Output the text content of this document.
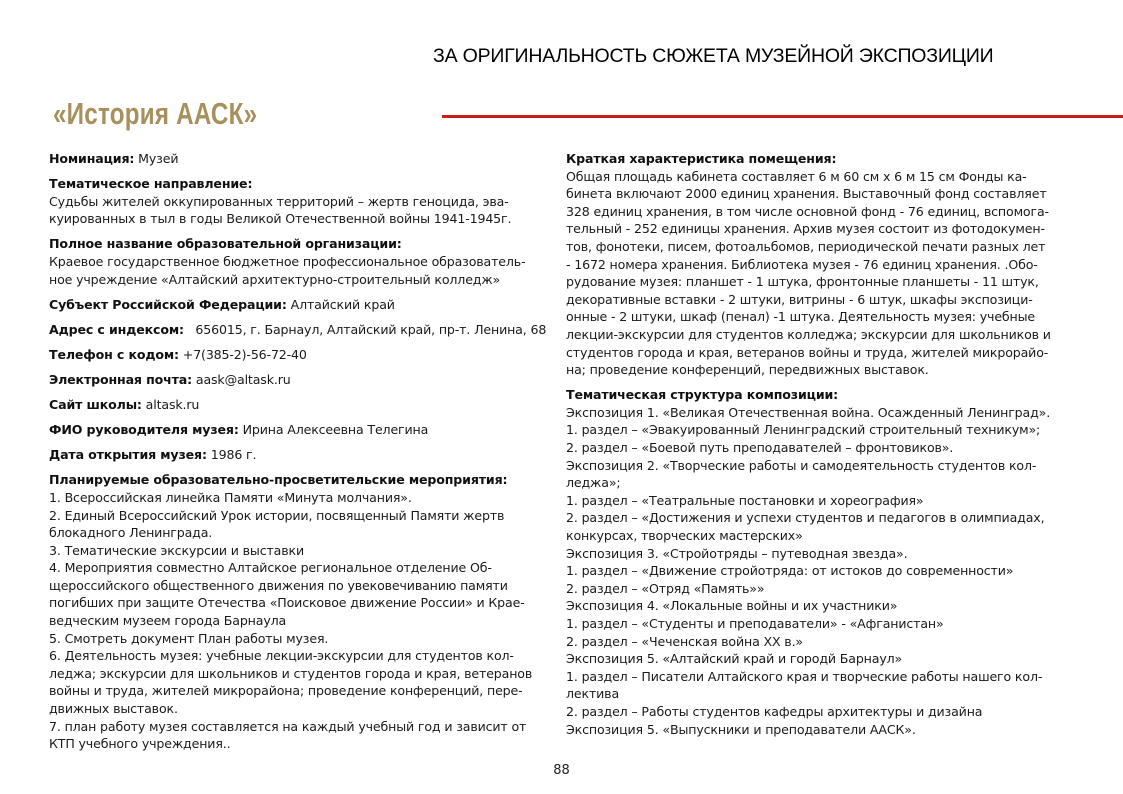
ЗА ОРИГИНАЛЬНОСТЬ СЮЖЕТА МУЗЕЙНОЙ ЭКСПОЗИЦИИ
«История ААСК»
Номинация: Музей
Тематическое направление:
Судьбы жителей оккупированных территорий – жертв геноцида, эва-
куированных в тыл в годы Великой Отечественной войны 1941-1945г.
Полное название образовательной организации:
Краевое государственное бюджетное профессиональное образователь-
ное учреждение «Алтайский архитектурно-строительный колледж»
Субъект Российской Федерации: Алтайский край
Адрес с индексом:   656015, г. Барнаул, Алтайский край, пр-т. Ленина, 68
Телефон с кодом: +7(385-2)-56-72-40
Электронная почта: aask@altask.ru
Сайт школы: altask.ru
ФИО руководителя музея: Ирина Алексеевна Телегина
Дата открытия музея: 1986 г.
Планируемые образовательно-просветительские мероприятия:
1. Всероссийская линейка Памяти «Минута молчания».
2. Единый Всероссийский Урок истории, посвященный Памяти жертв
блокадного Ленинграда.
3. Тематические экскурсии и выставки
4. Мероприятия совместно Алтайское региональное отделение Об-
щероссийского общественного движения по увековечиванию памяти
погибших при защите Отечества «Поисковое движение России» и Крае-
ведческим музеем города Барнаула
5. Смотреть документ План работы музея.
6. Деятельность музея: учебные лекции-экскурсии для студентов кол-
леджа; экскурсии для школьников и студентов города и края, ветеранов
войны и труда, жителей микрорайона; проведение конференций, пере-
движных выставок.
7. план работу музея составляется на каждый учебный год и зависит от
КТП учебного учреждения..
Краткая характеристика помещения:
Общая площадь кабинета составляет 6 м 60 см х 6 м 15 см Фонды ка-
бинета включают 2000 единиц хранения. Выставочный фонд составляет
328 единиц хранения, в том числе основной фонд - 76 единиц, вспомога-
тельный - 252 единицы хранения. Архив музея состоит из фотодокумен-
тов, фонотеки, писем, фотоальбомов, периодической печати разных лет
- 1672 номера хранения. Библиотека музея - 76 единиц хранения. .Обо-
рудование музея: планшет - 1 штука, фронтонные планшеты - 11 штук,
декоративные вставки - 2 штуки, витрины - 6 штук, шкафы экспозици-
онные - 2 штуки, шкаф (пенал) -1 штука. Деятельность музея: учебные
лекции-экскурсии для студентов колледжа; экскурсии для школьников и
студентов города и края, ветеранов войны и труда, жителей микрорайо-
на; проведение конференций, передвижных выставок.
Тематическая структура композиции:
Экспозиция 1. «Великая Отечественная война. Осажденный Ленинград».
1. раздел – «Эвакуированный Ленинградский строительный техникум»;
2. раздел – «Боевой путь преподавателей – фронтовиков».
Экспозиция 2. «Творческие работы и самодеятельность студентов кол-
леджа»;
1. раздел – «Театральные постановки и хореография»
2. раздел – «Достижения и успехи студентов и педагогов в олимпиадах,
конкурсах, творческих мастерских»
Экспозиция 3. «Стройотряды – путеводная звезда».
1. раздел – «Движение стройотряда: от истоков до современности»
2. раздел – «Отряд «Память»»
Экспозиция 4. «Локальные войны и их участники»
1. раздел – «Студенты и преподаватели» - «Афганистан»
2. раздел – «Чеченская война XX в.»
Экспозиция 5. «Алтайский край и городй Барнаул»
1. раздел – Писатели Алтайского края и творческие работы нашего кол-
лектива
2. раздел – Работы студентов кафедры архитектуры и дизайна
Экспозиция 5. «Выпускники и преподаватели ААСК».
88
